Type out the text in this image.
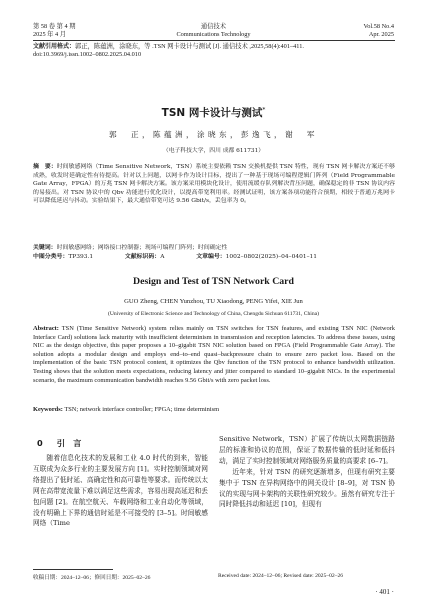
第 58 卷 第 4 期
2025 年 4 月
通信技术
Communications Technology
Vol.58 No.4
Apr. 2025
文献引用格式：郭正，陈蕴洲，涂晓东，等 .TSN 网卡设计与测试 [J]. 通信技术 ,2025,58(4):401–411.
doi:10.3969/j.issn.1002–0802.2025.04.010
TSN 网卡设计与测试*
郭　正，陈蕴洲，涂晓东，彭逸飞，谢　军
（电子科技大学，四川 成都 611731）
摘　要：时间敏感网络（Time Sensitive Network，TSN）系统主要依赖 TSN 交换机提供 TSN 特性，现有 TSN 网卡解决方案还不够成熟，收发时延确定性有待提高。针对以上问题，以网卡作为设计目标，提出了一种基于现场可编程逻辑门阵列（Field Programmable Gate Array，FPGA）的万兆 TSN 网卡解决方案。该方案采用模块化设计，使用流缓存队列解决背压问题，确保稳定的非 TSN 协议内容的易接出。对 TSN 协议中的 Qbv 功能进行优化设计，以提高带宽利用率。经测试证明，该方案各项功能符合预期，相较于普通万兆网卡可以降低延迟与抖动。实验结果下，最大通信带宽可达 9.56 Gbit/s，丢包率为 0。
关键词：时间敏感网络；网络接口控制器；现场可编程门阵列；时间确定性
中图分类号：TP393.1	文献标识码：A	文章编号：1002–0802(2025)–04–0401–11
Design and Test of TSN Network Card
GUO Zheng, CHEN Yunzhou, TU Xiaodong, PENG Yifei, XIE Jun
(University of Electronic Science and Technology of China, Chengdu Sichuan 611731, China)
Abstract: TSN (Time Sensitive Network) system relies mainly on TSN switches for TSN features, and existing TSN NIC (Network Interface Card) solutions lack maturity with insufficient determinism in transmission and reception latencies. To address these issues, using NIC as the design objective, this paper proposes a 10–gigabit TSN NIC solution based on FPGA (Field Programmable Gate Array). The solution adopts a modular design and employs end–to–end quasi–backpressure chain to ensure zero packet loss. Based on the implementation of the basic TSN protocol content, it optimizes the Qbv function of the TSN protocol to enhance bandwidth utilization. Testing shows that the solution meets expectations, reducing latency and jitter compared to standard 10–gigabit NICs. In the experimental scenario, the maximum communication bandwidth reaches 9.56 Gbit/s with zero packet loss.
Keywords: TSN; network interface controller; FPGA; time determinism
0 引　言

随着信息化技术的发展和工业 4.0 时代的到来，智能互联成为众多行业的主要发展方向 [1]。实时控制领域对网络提出了低时延、高确定性和高可靠性等要求。而传统以太网在高带宽流量下难以满足这些需求，容易出现高延迟和丢包问题 [2]。在航空航天、车载网络和工业自动化等领域，没有明确上下界的通信时延是不可接受的 [3–5]。时间敏感网络（Time

Sensitive Network，TSN）扩展了传统以太网数据链路层的标准和协议的范围，保证了数据传输的低时延和低抖动，满足了实时控制领域对网络服务质量的高要求 [6–7]。

近年来，针对 TSN 的研究逐渐增多，但现有研究主要集中于 TSN 在异构网络中的网关设计 [8–9]，对 TSN 协议的实现与网卡架构的关联性研究较少。虽然有研究专注于同时降低抖动和延迟 [10]，但现有

收稿日期：2024–12–06；修回日期：2025–02–26	Received date: 2024–12–06; Revised date: 2025–02–26
· 401 ·
